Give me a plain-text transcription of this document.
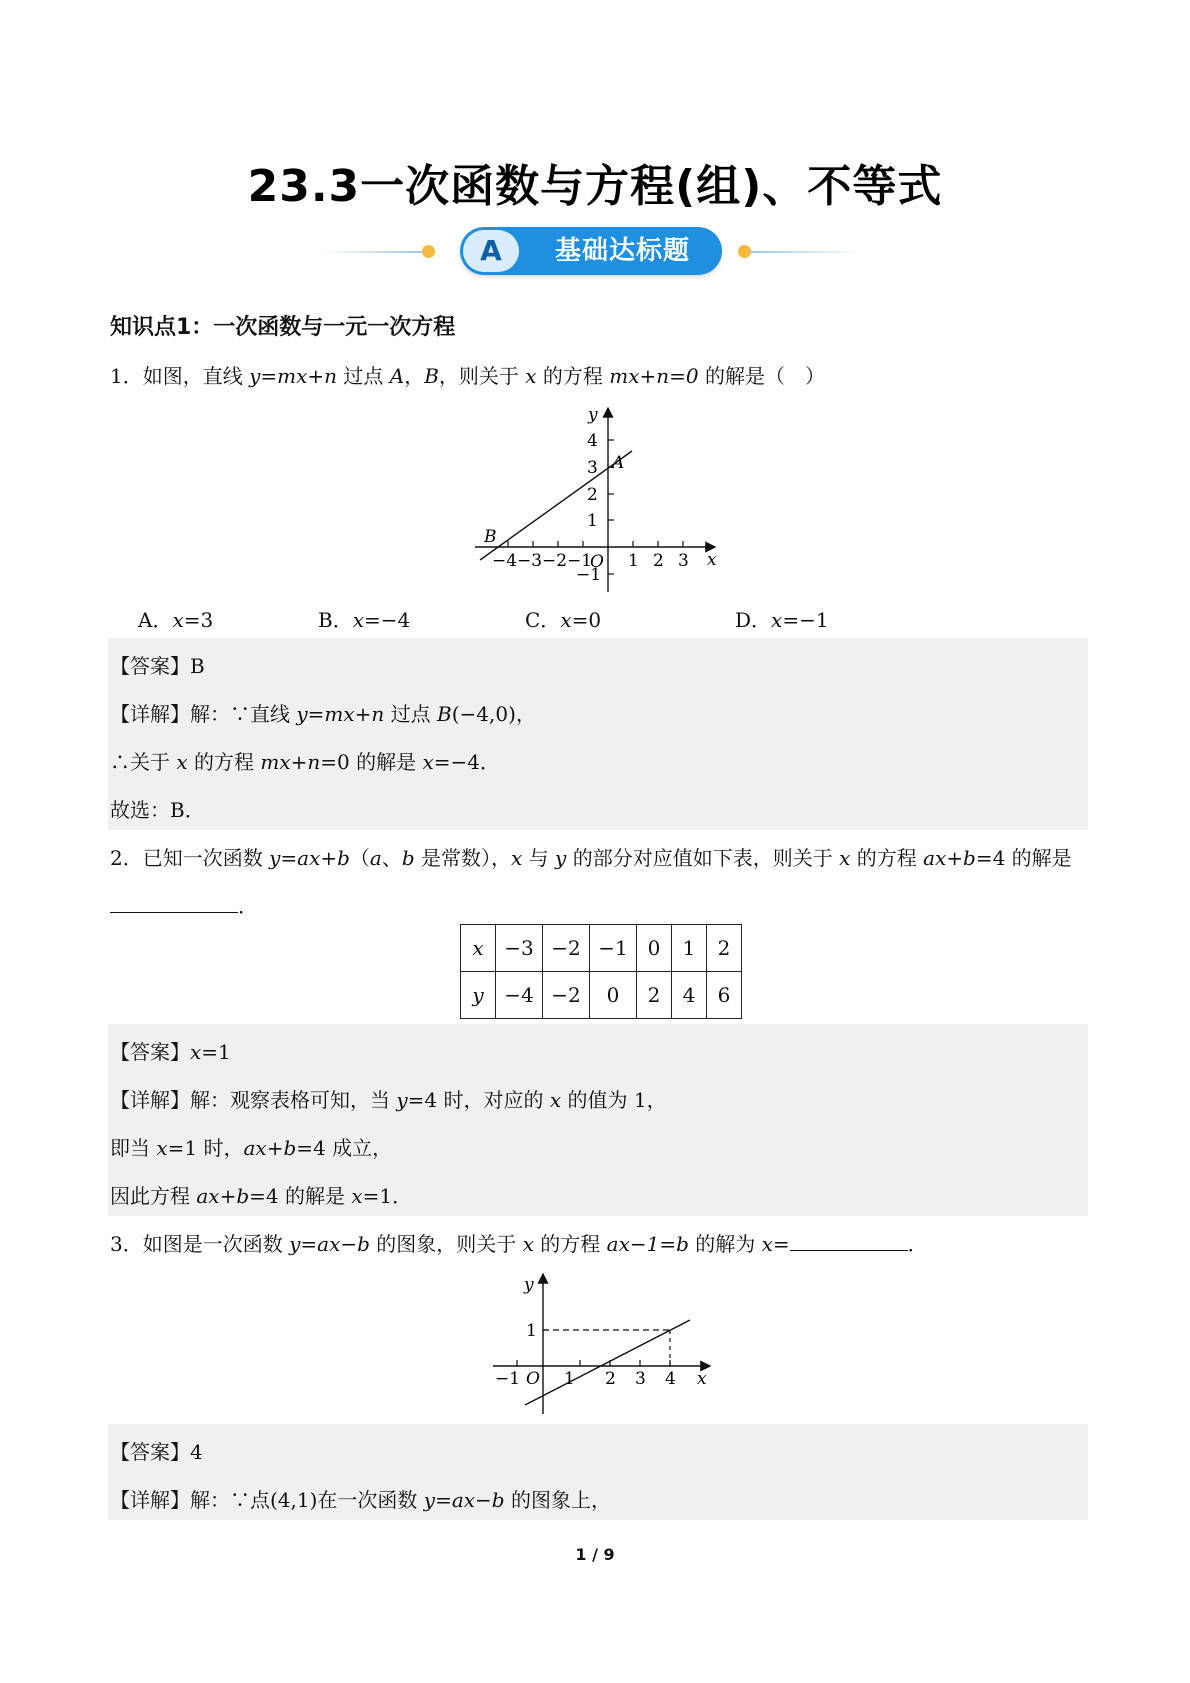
23.3一次函数与方程(组)、不等式
A	基础达标题
知识点1：一次函数与一元一次方程
1．如图，直线 y=mx+n 过点 A，B，则关于 x 的方程 mx+n=0 的解是（　）
y
x
O
A
B
4
3
2
1
−1
−4 −3 −2 −1 1 2 3
A．x=3	B．x=−4	C．x=0	D．x=−1
【答案】B
【详解】解：∵直线 y=mx+n 过点 B(−4,0)，
∴关于 x 的方程 mx+n=0 的解是 x=−4．
故选：B．
2．已知一次函数 y=ax+b（a、b 是常数），x 与 y 的部分对应值如下表，则关于 x 的方程 ax+b=4 的解是
．
x	−3	−2	−1	0	1	2
y	−4	−2	0	2	4	6
【答案】x=1
【详解】解：观察表格可知，当 y=4 时，对应的 x 的值为 1，
即当 x=1 时，ax+b=4 成立，
因此方程 ax+b=4 的解是 x=1．
3．如图是一次函数 y=ax−b 的图象，则关于 x 的方程 ax−1=b 的解为 x=	．
y
x
O
1
−1	1 2 3 4
【答案】4
【详解】解：∵点(4,1)在一次函数 y=ax−b 的图象上，
1 / 9
